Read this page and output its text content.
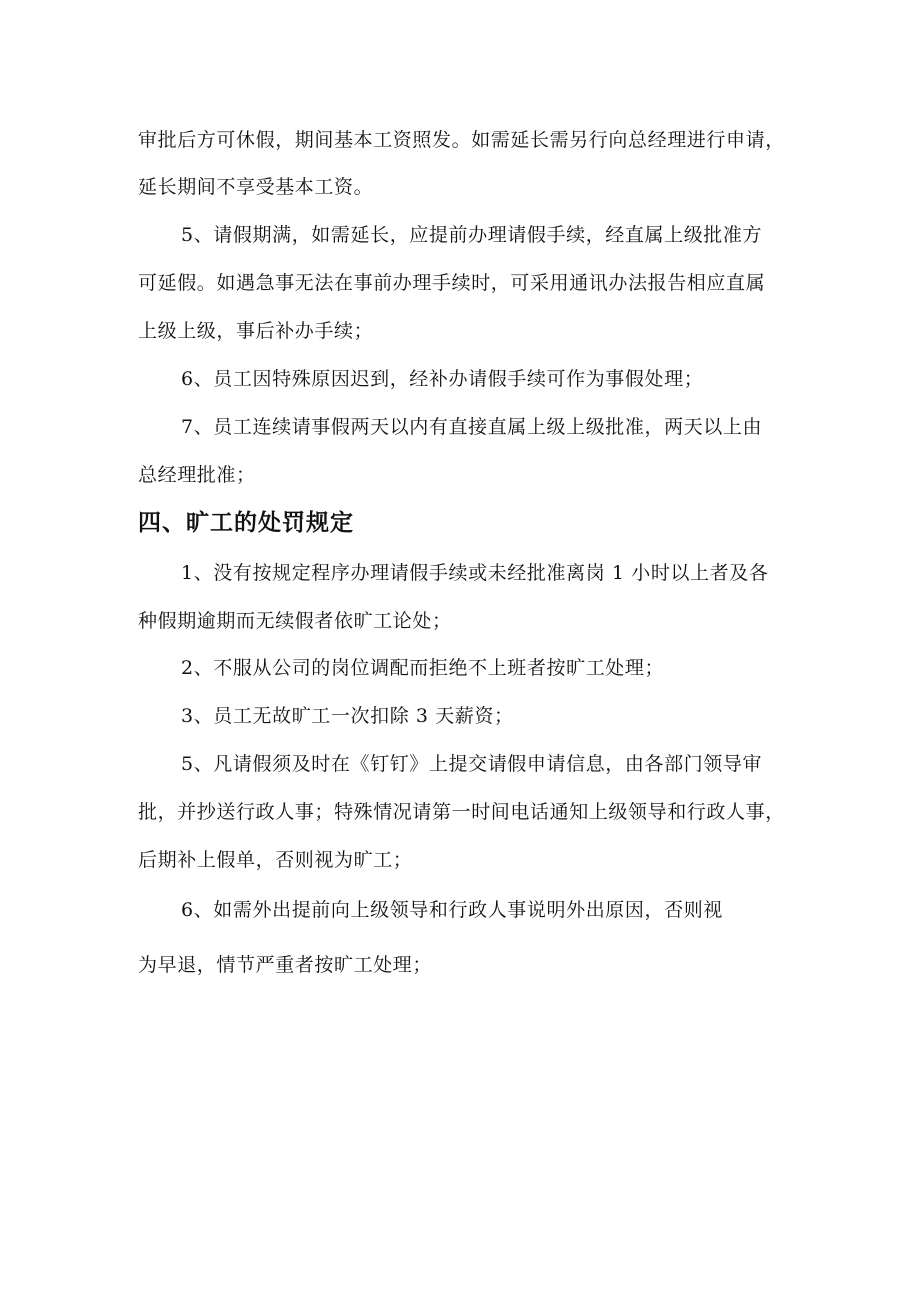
审批后方可休假，期间基本工资照发。如需延长需另行向总经理进行申请，
延长期间不享受基本工资。
5、请假期满，如需延长，应提前办理请假手续，经直属上级批准方
可延假。如遇急事无法在事前办理手续时，可采用通讯办法报告相应直属
上级上级，事后补办手续；
6、员工因特殊原因迟到，经补办请假手续可作为事假处理；
7、员工连续请事假两天以内有直接直属上级上级批准，两天以上由
总经理批准；
四、旷工的处罚规定
1、没有按规定程序办理请假手续或未经批准离岗 1 小时以上者及各
种假期逾期而无续假者依旷工论处；
2、不服从公司的岗位调配而拒绝不上班者按旷工处理；
3、员工无故旷工一次扣除 3 天薪资；
5、凡请假须及时在《钉钉》上提交请假申请信息，由各部门领导审
批，并抄送行政人事；特殊情况请第一时间电话通知上级领导和行政人事，
后期补上假单，否则视为旷工；
6、如需外出提前向上级领导和行政人事说明外出原因，否则视
为早退，情节严重者按旷工处理；
